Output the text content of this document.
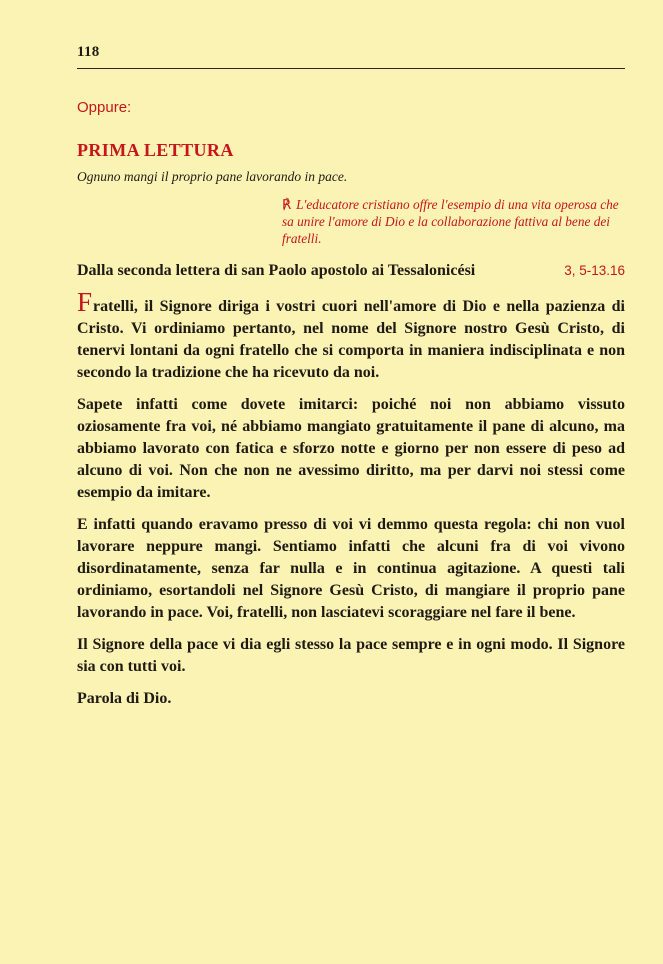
118
Oppure:
PRIMA LETTURA
Ognuno mangi il proprio pane lavorando in pace.
℟ L'educatore cristiano offre l'esempio di una vita operosa che sa unire l'amore di Dio e la collaborazione fattiva al bene dei fratelli.
Dalla seconda lettera di san Paolo apostolo ai Tessalonicési	3, 5-13.16

Fratelli, il Signore diriga i vostri cuori nell'amore di Dio e nella pazienza di Cristo. Vi ordiniamo pertanto, nel nome del Signore nostro Gesù Cristo, di tenervi lontani da ogni fratello che si comporta in maniera indisciplinata e non secondo la tradizione che ha ricevuto da noi.

Sapete infatti come dovete imitarci: poiché noi non abbiamo vissuto oziosamente fra voi, né abbiamo mangiato gratuitamente il pane di alcuno, ma abbiamo lavorato con fatica e sforzo notte e giorno per non essere di peso ad alcuno di voi. Non che non ne avessimo diritto, ma per darvi noi stessi come esempio da imitare.

E infatti quando eravamo presso di voi vi demmo questa regola: chi non vuol lavorare neppure mangi. Sentiamo infatti che alcuni fra di voi vivono disordinatamente, senza far nulla e in continua agitazione. A questi tali ordiniamo, esortandoli nel Signore Gesù Cristo, di mangiare il proprio pane lavorando in pace. Voi, fratelli, non lasciatevi scoraggiare nel fare il bene.

Il Signore della pace vi dia egli stesso la pace sempre e in ogni modo. Il Signore sia con tutti voi.

Parola di Dio.
